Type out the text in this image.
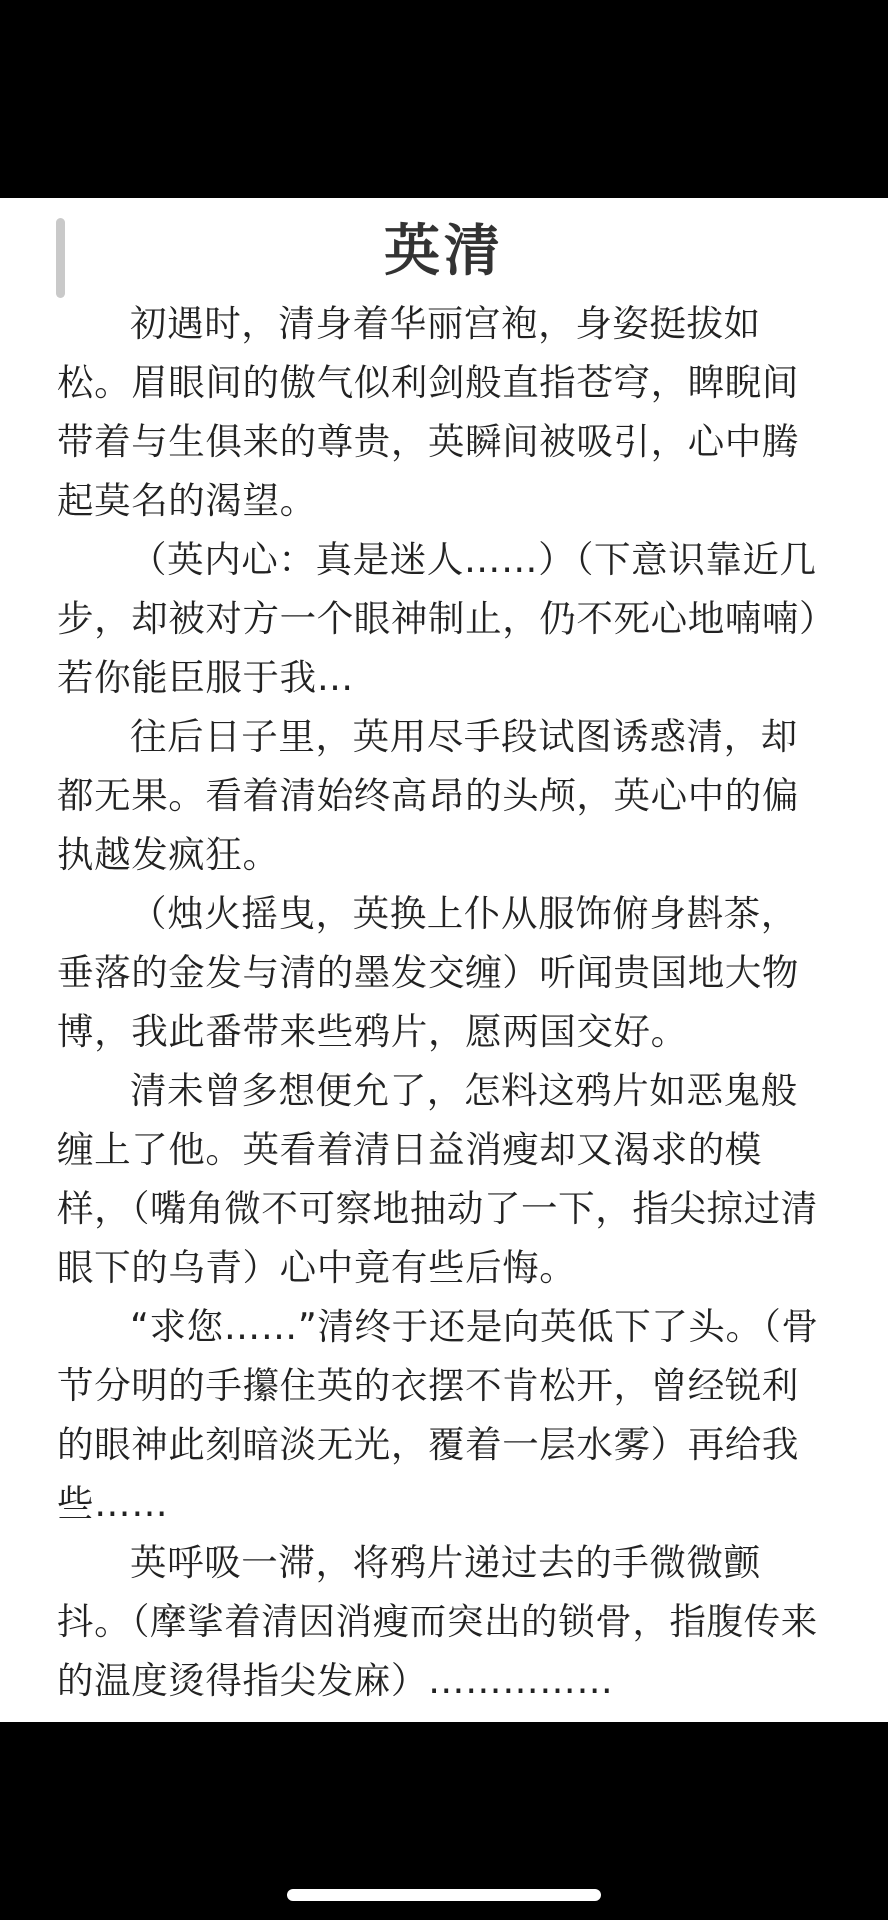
英清

初遇时，清身着华丽宫袍，身姿挺拔如松。眉眼间的傲气似利剑般直指苍穹，睥睨间带着与生俱来的尊贵，英瞬间被吸引，心中腾起莫名的渴望。

（英内心：真是迷人……）（下意识靠近几步，却被对方一个眼神制止，仍不死心地喃喃）若你能臣服于我…

往后日子里，英用尽手段试图诱惑清，却都无果。看着清始终高昂的头颅，英心中的偏执越发疯狂。

（烛火摇曳，英换上仆从服饰俯身斟茶，垂落的金发与清的墨发交缠）听闻贵国地大物博，我此番带来些鸦片，愿两国交好。

清未曾多想便允了，怎料这鸦片如恶鬼般缠上了他。英看着清日益消瘦却又渴求的模样，（嘴角微不可察地抽动了一下，指尖掠过清眼下的乌青）心中竟有些后悔。

“求您……”清终于还是向英低下了头。（骨节分明的手攥住英的衣摆不肯松开，曾经锐利的眼神此刻暗淡无光，覆着一层水雾）再给我些……

英呼吸一滞，将鸦片递过去的手微微颤抖。（摩挲着清因消瘦而突出的锁骨，指腹传来的温度烫得指尖发麻）……………
